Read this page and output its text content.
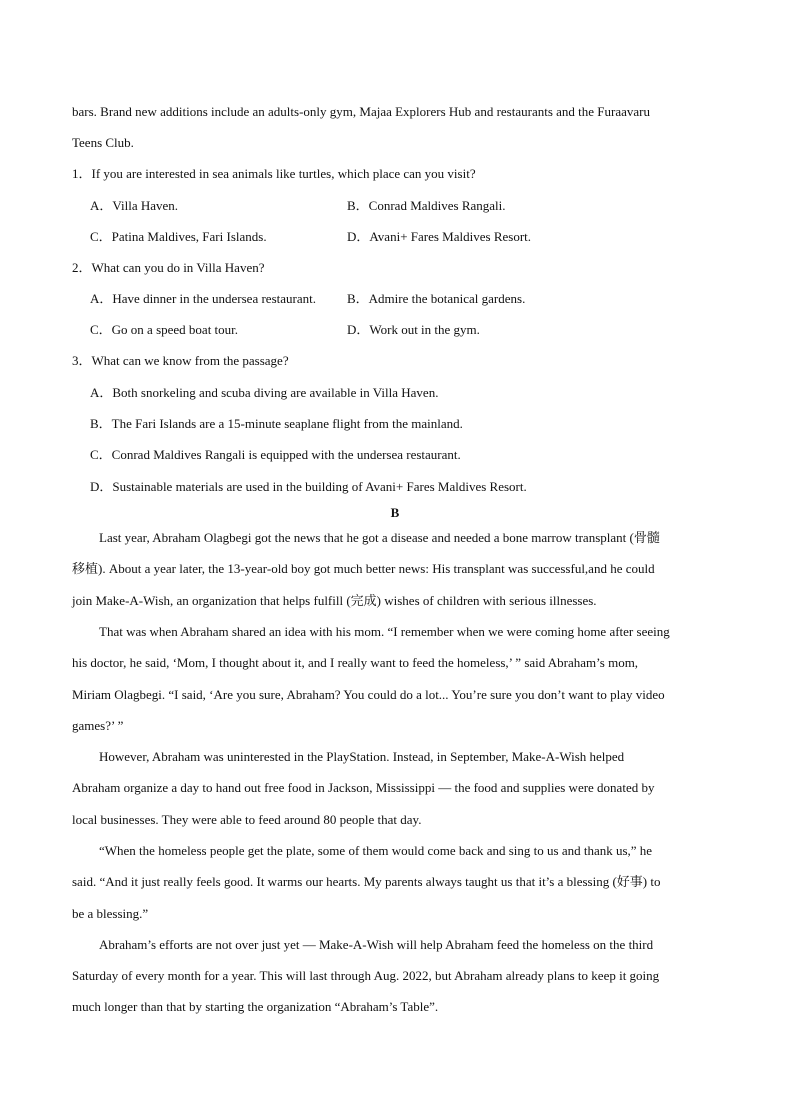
bars. Brand new additions include an adults-only gym, Majaa Explorers Hub and restaurants and the Furaavaru
Teens Club.
1．If you are interested in sea animals like turtles, which place can you visit?
A．Villa Haven.	B．Conrad Maldives Rangali.
C．Patina Maldives, Fari Islands.	D．Avani+ Fares Maldives Resort.
2．What can you do in Villa Haven?
A．Have dinner in the undersea restaurant. B．Admire the botanical gardens.
C．Go on a speed boat tour.	D．Work out in the gym.
3．What can we know from the passage?
A．Both snorkeling and scuba diving are available in Villa Haven.
B．The Fari Islands are a 15-minute seaplane flight from the mainland.
C．Conrad Maldives Rangali is equipped with the undersea restaurant.
D．Sustainable materials are used in the building of Avani+ Fares Maldives Resort.
B
Last year, Abraham Olagbegi got the news that he got a disease and needed a bone marrow transplant (骨髓
移植). About a year later, the 13-year-old boy got much better news: His transplant was successful,and he could
join Make-A-Wish, an organization that helps fulfill (完成) wishes of children with serious illnesses.
That was when Abraham shared an idea with his mom. “I remember when we were coming home after seeing
his doctor, he said, ‘Mom, I thought about it, and I really want to feed the homeless,’ ” said Abraham’s mom,
Miriam Olagbegi. “I said, ‘Are you sure, Abraham? You could do a lot... You’re sure you don’t want to play video
games?’ ”
However, Abraham was uninterested in the PlayStation. Instead, in September, Make-A-Wish helped
Abraham organize a day to hand out free food in Jackson, Mississippi — the food and supplies were donated by
local businesses. They were able to feed around 80 people that day.
“When the homeless people get the plate, some of them would come back and sing to us and thank us,” he
said. “And it just really feels good. It warms our hearts. My parents always taught us that it’s a blessing (好事) to
be a blessing.”
Abraham’s efforts are not over just yet — Make-A-Wish will help Abraham feed the homeless on the third
Saturday of every month for a year. This will last through Aug. 2022, but Abraham already plans to keep it going
much longer than that by starting the organization “Abraham’s Table”.
